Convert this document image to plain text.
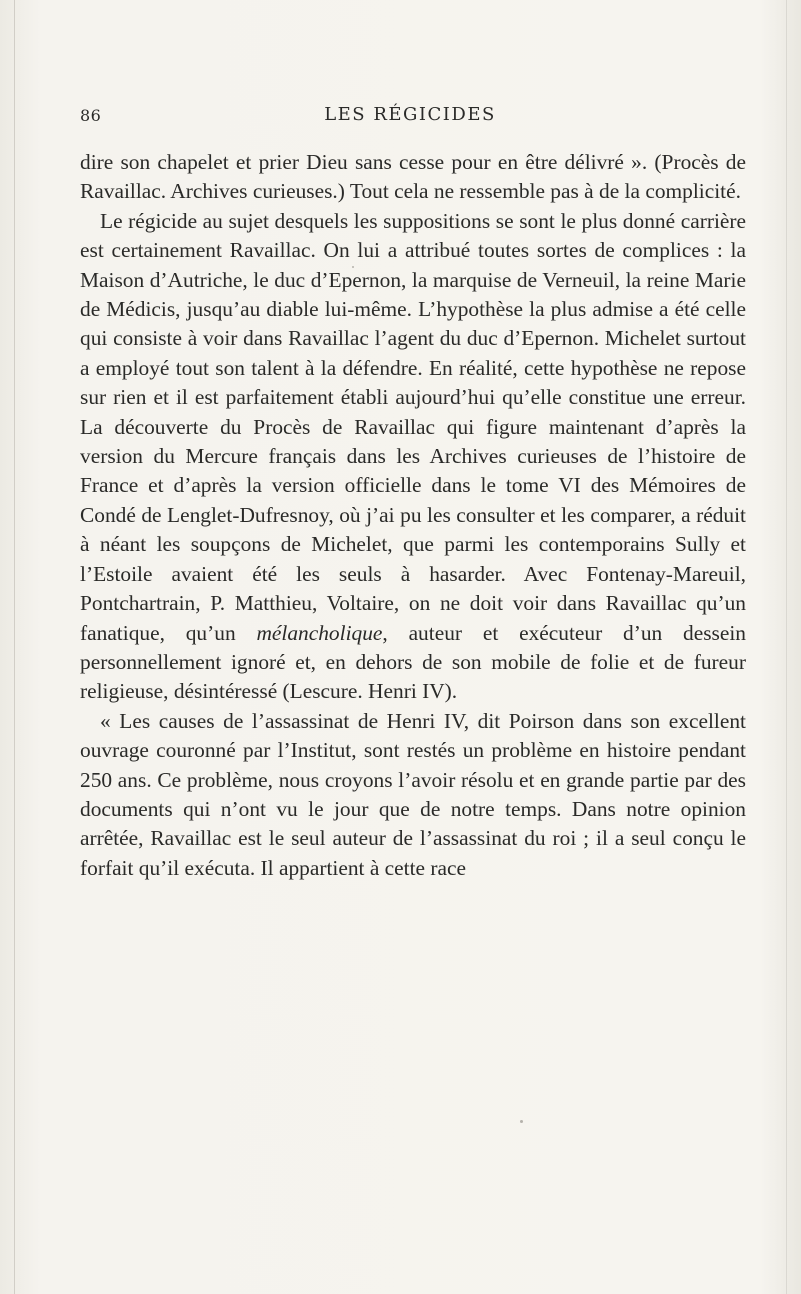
86	LES RÉGICIDES

dire son chapelet et prier Dieu sans cesse pour en être délivré ». (Procès de Ravaillac. Archives curieuses.) Tout cela ne ressemble pas à de la complicité.

Le régicide au sujet desquels les suppositions se sont le plus donné carrière est certainement Ravaillac. On lui a attribué toutes sortes de complices : la Maison d’Autriche, le duc d’Epernon, la marquise de Verneuil, la reine Marie de Médicis, jusqu’au diable lui-même. L’hypothèse la plus admise a été celle qui consiste à voir dans Ravaillac l’agent du duc d’Epernon. Michelet surtout a employé tout son talent à la défendre. En réalité, cette hypothèse ne repose sur rien et il est parfaitement établi aujourd’hui qu’elle constitue une erreur. La découverte du Procès de Ravaillac qui figure maintenant d’après la version du Mercure français dans les Archives curieuses de l’histoire de France et d’après la version officielle dans le tome VI des Mémoires de Condé de Lenglet-Dufresnoy, où j’ai pu les consulter et les comparer, a réduit à néant les soupçons de Michelet, que parmi les contemporains Sully et l’Estoile avaient été les seuls à hasarder. Avec Fontenay-Mareuil, Pontchartrain, P. Matthieu, Voltaire, on ne doit voir dans Ravaillac qu’un fanatique, qu’un mélancholique, auteur et exécuteur d’un dessein personnellement ignoré et, en dehors de son mobile de folie et de fureur religieuse, désintéressé (Lescure. Henri IV).

« Les causes de l’assassinat de Henri IV, dit Poirson dans son excellent ouvrage couronné par l’Institut, sont restés un problème en histoire pendant 250 ans. Ce problème, nous croyons l’avoir résolu et en grande partie par des documents qui n’ont vu le jour que de notre temps. Dans notre opinion arrêtée, Ravaillac est le seul auteur de l’assassinat du roi ; il a seul conçu le forfait qu’il exécuta. Il appartient à cette race
